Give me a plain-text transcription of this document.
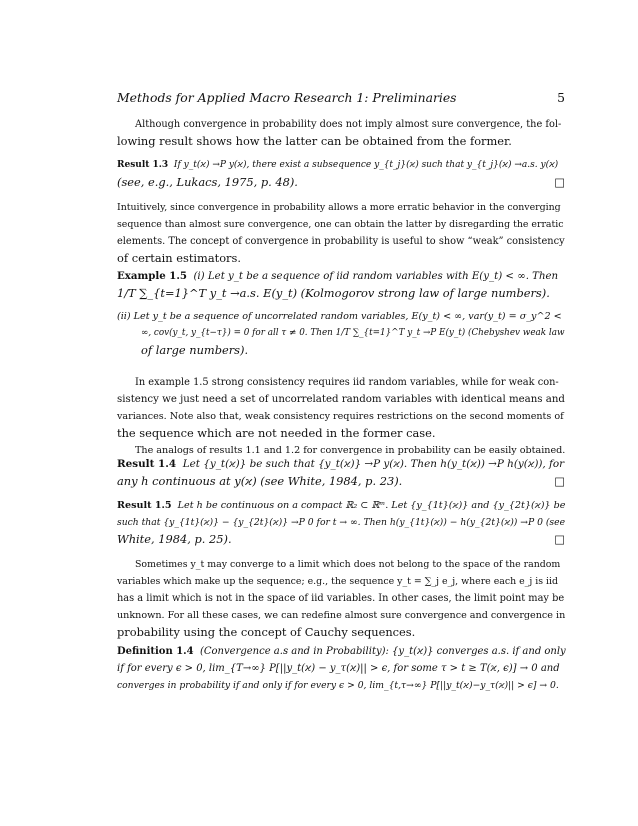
Methods for Applied Macro Research 1: Preliminaries	5
Although convergence in probability does not imply almost sure convergence, the fol-
lowing result shows how the latter can be obtained from the former.
Result 1.3 If y_t(ϰ) →P y(ϰ), there exist a subsequence y_{t_j}(ϰ) such that y_{t_j}(ϰ) →a.s. y(ϰ)
(see, e.g., Lukacs, 1975, p. 48).	□
Intuitively, since convergence in probability allows a more erratic behavior in the converging
sequence than almost sure convergence, one can obtain the latter by disregarding the erratic
elements. The concept of convergence in probability is useful to show “weak” consistency
of certain estimators.
Example 1.5 (i) Let y_t be a sequence of iid random variables with E(y_t) < ∞. Then
1/T ∑_{t=1}^T y_t →a.s. E(y_t) (Kolmogorov strong law of large numbers).
(ii) Let y_t be a sequence of uncorrelated random variables, E(y_t) < ∞, var(y_t) = σ_y^2 <
∞, cov(y_t, y_{t−τ}) = 0 for all τ ≠ 0. Then 1/T ∑_{t=1}^T y_t →P E(y_t) (Chebyshev weak law
of large numbers).
In example 1.5 strong consistency requires iid random variables, while for weak con-
sistency we just need a set of uncorrelated random variables with identical means and
variances. Note also that, weak consistency requires restrictions on the second moments of
the sequence which are not needed in the former case.
The analogs of results 1.1 and 1.2 for convergence in probability can be easily obtained.
Result 1.4 Let {y_t(ϰ)} be such that {y_t(ϰ)} →P y(ϰ). Then h(y_t(ϰ)) →P h(y(ϰ)), for
any h continuous at y(ϰ) (see White, 1984, p. 23).	□
Result 1.5 Let h be continuous on a compact ℝ₂ ⊂ ℝᵐ. Let {y_{1t}(ϰ)} and {y_{2t}(ϰ)} be
such that {y_{1t}(ϰ)} − {y_{2t}(ϰ)} →P 0 for t → ∞. Then h(y_{1t}(ϰ)) − h(y_{2t}(ϰ)) →P 0 (see
White, 1984, p. 25).	□
Sometimes y_t may converge to a limit which does not belong to the space of the random
variables which make up the sequence; e.g., the sequence y_t = ∑_j e_j, where each e_j is iid
has a limit which is not in the space of iid variables. In other cases, the limit point may be
unknown. For all these cases, we can redefine almost sure convergence and convergence in
probability using the concept of Cauchy sequences.
Definition 1.4 (Convergence a.s and in Probability): {y_t(ϰ)} converges a.s. if and only
if for every ϵ > 0, lim_{T→∞} P[||y_t(ϰ) − y_τ(ϰ)|| > ϵ, for some τ > t ≥ T(ϰ, ϵ)] → 0 and
converges in probability if and only if for every ϵ > 0, lim_{t,τ→∞} P[||y_t(ϰ)−y_τ(ϰ)|| > ϵ] → 0.
